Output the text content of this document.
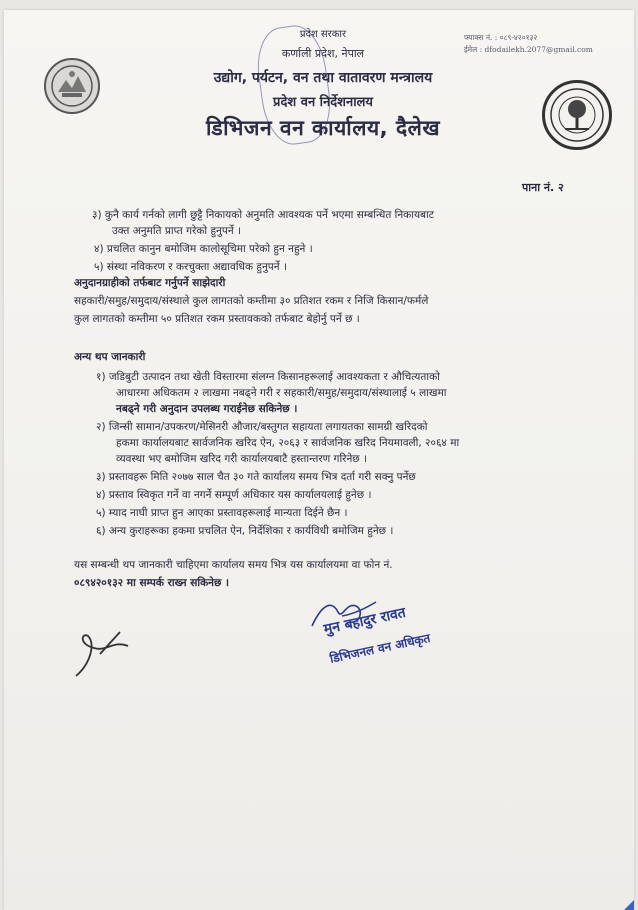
फ्याक्स नं. : ०८९-४२०१३२
ईमेल : dfodailekh.2077@gmail.com
प्रदेश सरकार
कर्णाली प्रदेश, नेपाल
उद्योग, पर्यटन, वन तथा वातावरण मन्त्रालय
प्रदेश वन निर्देशनालय
डिभिजन वन कार्यालय, दैलेख
पाना नं. २
३) कुनै कार्य गर्नको लागी छुट्टै निकायको अनुमति आवश्यक पर्ने भएमा सम्बन्धित निकायबाट
उक्त अनुमति प्राप्त गरेको हुनुपर्ने ।
४) प्रचलित कानुन बमोजिम कालोसूचिमा परेको हुन नहुने ।
५) संस्था नविकरण र करचुक्ता अद्यावधिक हुनुपर्ने ।
अनुदानग्राहीको तर्फबाट गर्नुपर्ने साझेदारी
सहकारी/समुह/समुदाय/संस्थाले कुल लागतको कम्तीमा ३० प्रतिशत रकम र निजि किसान/फर्मले
कुल लागतको कम्तीमा ५० प्रतिशत रकम प्रस्तावकको तर्फबाट बेहोर्नु पर्ने छ ।
अन्य थप जानकारी
१) जडिबुटी उत्पादन तथा खेती विस्तारमा संलग्न किसानहरूलाई आवश्यकता र औचित्यताको
आधारमा अधिकतम २ लाखमा नबढ्ने गरी र सहकारी/समुह/समुदाय/संस्थालाई ५ लाखमा
नबढ्ने गरी अनुदान उपलब्ध गराईनेछ सकिनेछ ।
२) जिन्सी सामान/उपकरण/मेसिनरी औजार/बस्तुगत सहायता लगायतका सामग्री खरिदको
हकमा कार्यालयबाट सार्वजनिक खरिद ऐन, २०६३ र सार्वजनिक खरिद नियमावली, २०६४ मा
व्यवस्था भए बमोजिम खरिद गरी कार्यालयबाटै हस्तान्तरण गरिनेछ ।
३) प्रस्तावहरू मिति २०७७ साल चैत ३० गते कार्यालय समय भित्र दर्ता गरी सक्नु पर्नेछ
४) प्रस्ताव स्विकृत गर्ने वा नगर्ने सम्पूर्ण अधिकार यस कार्यालयलाई हुनेछ ।
५) म्याद नाघी प्राप्त हुन आएका प्रस्तावहरूलाई मान्यता दिईने छैन ।
६) अन्य कुराहरूका हकमा प्रचलित ऐन, निर्देशिका र कार्यविधी बमोजिम हुनेछ ।
यस सम्बन्धी थप जानकारी चाहिएमा कार्यालय समय भित्र यस कार्यालयमा वा फोन नं.
०८९४२०१३२ मा सम्पर्क राख्न सकिनेछ ।
मुन बहादुर रावत
डिभिजनल वन अधिकृत
